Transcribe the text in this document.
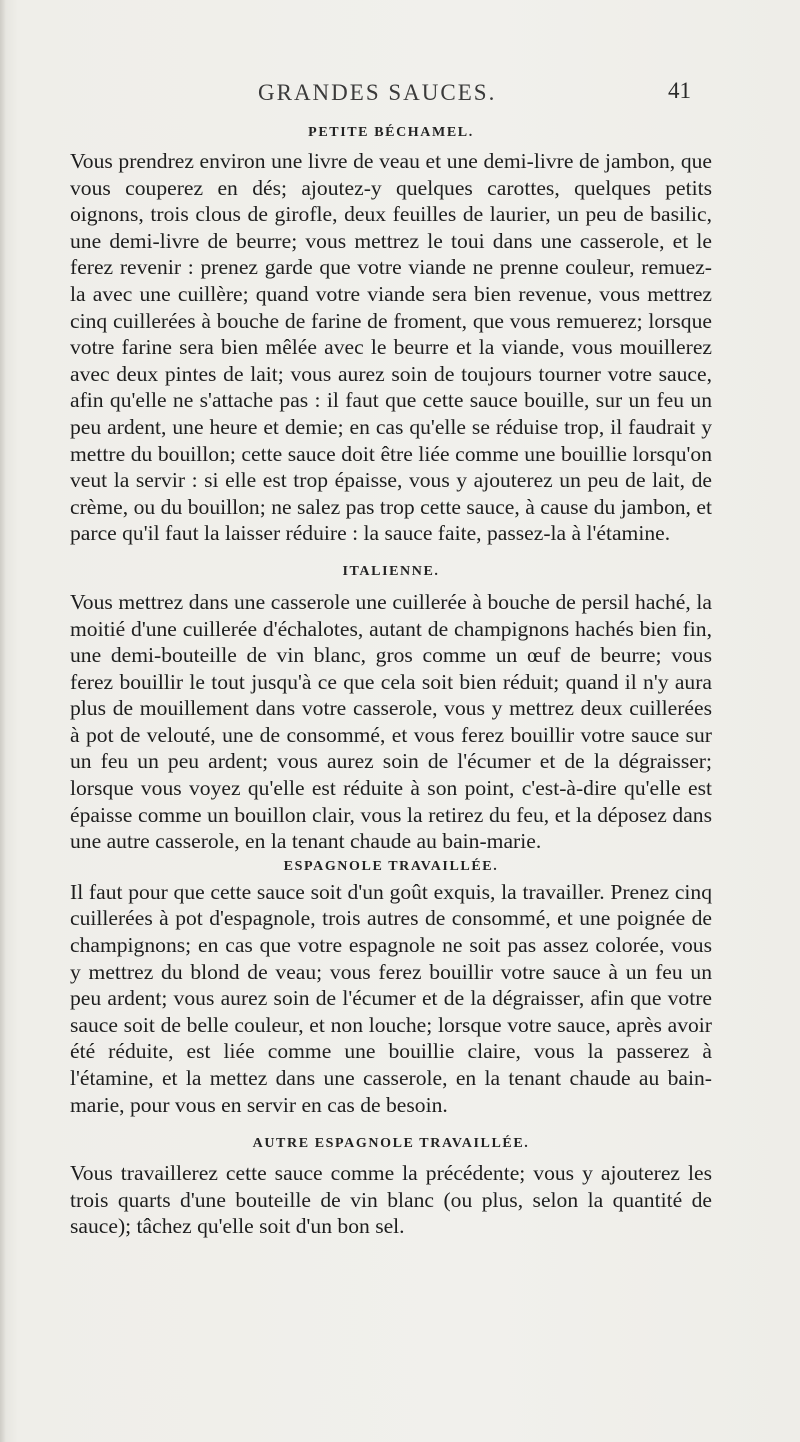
GRANDES SAUCES.	41
PETITE BÉCHAMEL.

Vous prendrez environ une livre de veau et une demi-livre de jambon, que vous couperez en dés; ajoutez-y quelques carottes, quelques petits oignons, trois clous de girofle, deux feuilles de laurier, un peu de basilic, une demi-livre de beurre; vous mettrez le toui dans une casserole, et le ferez revenir : prenez garde que votre viande ne prenne couleur, remuez-la avec une cuillère; quand votre viande sera bien revenue, vous mettrez cinq cuillerées à bouche de farine de froment, que vous remuerez; lorsque votre farine sera bien mêlée avec le beurre et la viande, vous mouillerez avec deux pintes de lait; vous aurez soin de toujours tourner votre sauce, afin qu'elle ne s'attache pas : il faut que cette sauce bouille, sur un feu un peu ardent, une heure et demie; en cas qu'elle se réduise trop, il faudrait y mettre du bouillon; cette sauce doit être liée comme une bouillie lorsqu'on veut la servir : si elle est trop épaisse, vous y ajouterez un peu de lait, de crème, ou du bouillon; ne salez pas trop cette sauce, à cause du jambon, et parce qu'il faut la laisser réduire : la sauce faite, passez-la à l'étamine.

ITALIENNE.

Vous mettrez dans une casserole une cuillerée à bouche de persil haché, la moitié d'une cuillerée d'échalotes, autant de champignons hachés bien fin, une demi-bouteille de vin blanc, gros comme un œuf de beurre; vous ferez bouillir le tout jusqu'à ce que cela soit bien réduit; quand il n'y aura plus de mouillement dans votre casserole, vous y mettrez deux cuillerées à pot de velouté, une de consommé, et vous ferez bouillir votre sauce sur un feu un peu ardent; vous aurez soin de l'écumer et de la dégraisser; lorsque vous voyez qu'elle est réduite à son point, c'est-à-dire qu'elle est épaisse comme un bouillon clair, vous la retirez du feu, et la déposez dans une autre casserole, en la tenant chaude au bain-marie.

ESPAGNOLE TRAVAILLÉE.

Il faut pour que cette sauce soit d'un goût exquis, la travailler. Prenez cinq cuillerées à pot d'espagnole, trois autres de consommé, et une poignée de champignons; en cas que votre espagnole ne soit pas assez colorée, vous y mettrez du blond de veau; vous ferez bouillir votre sauce à un feu un peu ardent; vous aurez soin de l'écumer et de la dégraisser, afin que votre sauce soit de belle couleur, et non louche; lorsque votre sauce, après avoir été réduite, est liée comme une bouillie claire, vous la passerez à l'étamine, et la mettez dans une casserole, en la tenant chaude au bain-marie, pour vous en servir en cas de besoin.

AUTRE ESPAGNOLE TRAVAILLÉE.

Vous travaillerez cette sauce comme la précédente; vous y ajouterez les trois quarts d'une bouteille de vin blanc (ou plus, selon la quantité de sauce); tâchez qu'elle soit d'un bon sel.
